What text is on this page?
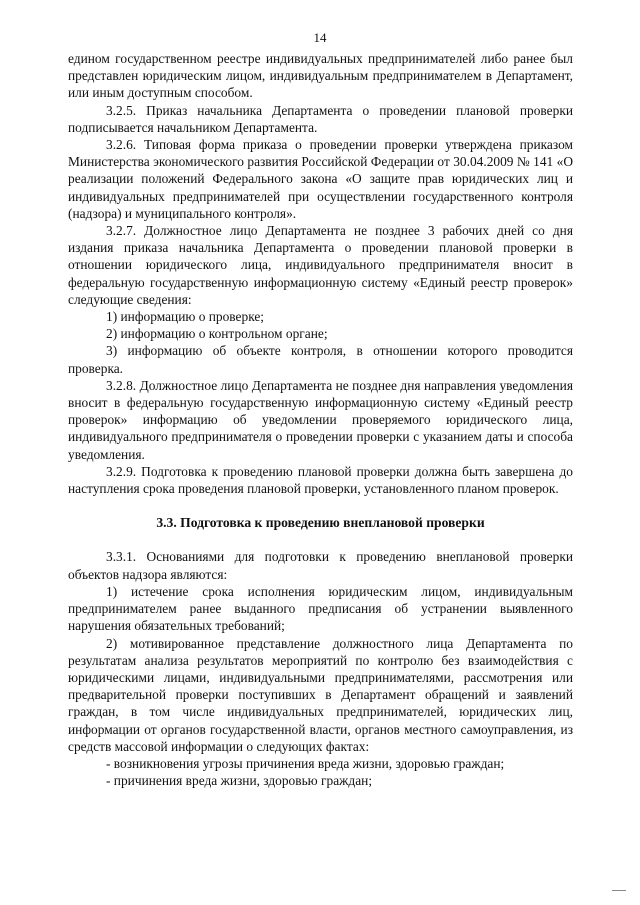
14

едином государственном реестре индивидуальных предпринимателей либо ранее был представлен юридическим лицом, индивидуальным предпринимателем в Департамент, или иным доступным способом.

3.2.5. Приказ начальника Департамента о проведении плановой проверки подписывается начальником Департамента.

3.2.6. Типовая форма приказа о проведении проверки утверждена приказом Министерства экономического развития Российской Федерации от 30.04.2009 № 141 «О реализации положений Федерального закона «О защите прав юридических лиц и индивидуальных предпринимателей при осуществлении государственного контроля (надзора) и муниципального контроля».

3.2.7. Должностное лицо Департамента не позднее 3 рабочих дней со дня издания приказа начальника Департамента о проведении плановой проверки в отношении юридического лица, индивидуального предпринимателя вносит в федеральную государственную информационную систему «Единый реестр проверок» следующие сведения:

1) информацию о проверке;

2) информацию о контрольном органе;

3) информацию об объекте контроля, в отношении которого проводится проверка.

3.2.8. Должностное лицо Департамента не позднее дня направления уведомления вносит в федеральную государственную информационную систему «Единый реестр проверок» информацию об уведомлении проверяемого юридического лица, индивидуального предпринимателя о проведении проверки с указанием даты и способа уведомления.

3.2.9. Подготовка к проведению плановой проверки должна быть завершена до наступления срока проведения плановой проверки, установленного планом проверок.

3.3. Подготовка к проведению внеплановой проверки

3.3.1. Основаниями для подготовки к проведению внеплановой проверки объектов надзора являются:

1) истечение срока исполнения юридическим лицом, индивидуальным предпринимателем ранее выданного предписания об устранении выявленного нарушения обязательных требований;

2) мотивированное представление должностного лица Департамента по результатам анализа результатов мероприятий по контролю без взаимодействия с юридическими лицами, индивидуальными предпринимателями, рассмотрения или предварительной проверки поступивших в Департамент обращений и заявлений граждан, в том числе индивидуальных предпринимателей, юридических лиц, информации от органов государственной власти, органов местного самоуправления, из средств массовой информации о следующих фактах:

- возникновения угрозы причинения вреда жизни, здоровью граждан;

- причинения вреда жизни, здоровью граждан;
